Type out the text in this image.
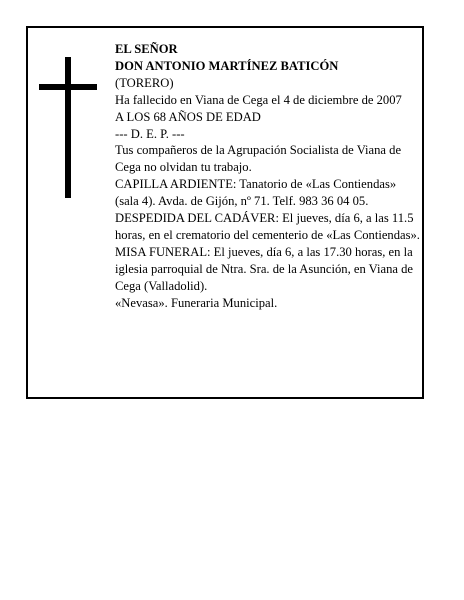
EL SEÑOR

DON ANTONIO MARTÍNEZ BATICÓN

(TORERO)

Ha fallecido en Viana de Cega el 4 de diciembre de 2007

A LOS 68 AÑOS DE EDAD

--- D. E. P. ---

Tus compañeros de la Agrupación Socialista de Viana de Cega no olvidan tu trabajo.

CAPILLA ARDIENTE: Tanatorio de «Las Contiendas» (sala 4). Avda. de Gijón, nº 71. Telf. 983 36 04 05.

DESPEDIDA DEL CADÁVER: El jueves, día 6, a las 11.5 horas, en el crematorio del cementerio de «Las Contiendas».

MISA FUNERAL: El jueves, día 6, a las 17.30 horas, en la iglesia parroquial de Ntra. Sra. de la Asunción, en Viana de Cega (Valladolid).

«Nevasa». Funeraria Municipal.
